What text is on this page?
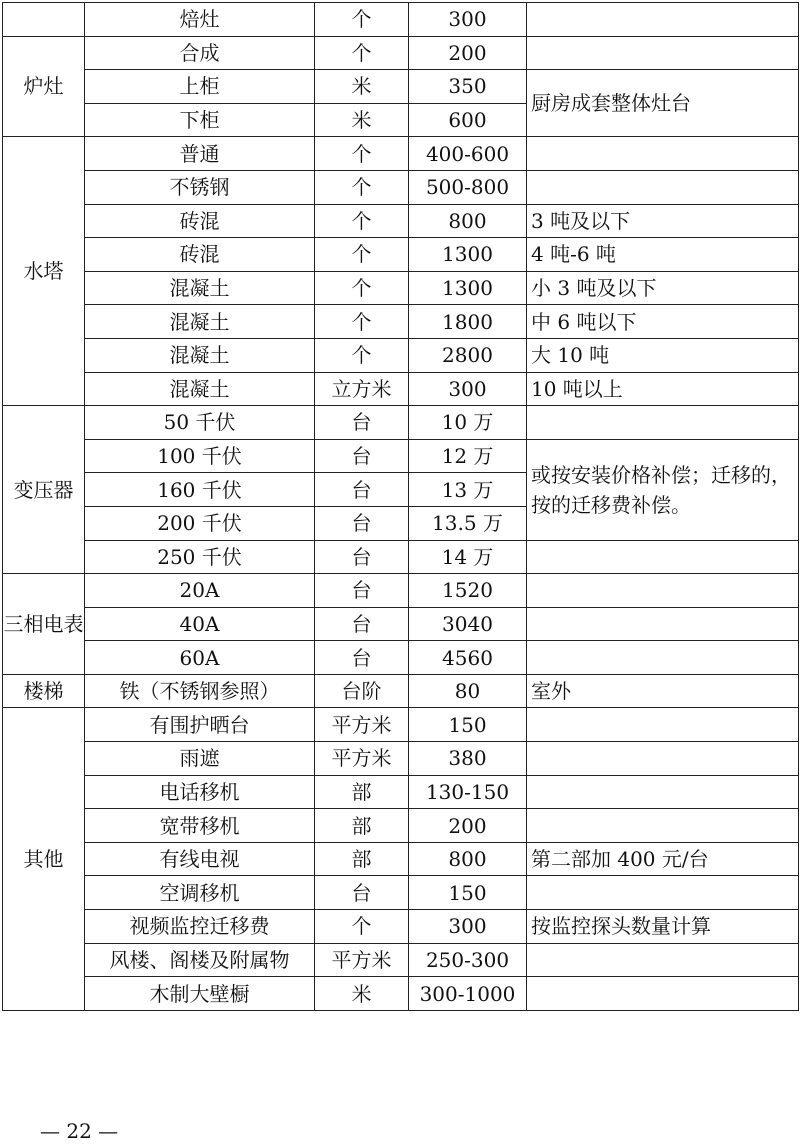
	焙灶	个	300	
炉灶	合成	个	200	
	上柜	米	350	厨房成套整体灶台
	下柜	米	600	
水塔	普通	个	400-600	
	不锈钢	个	500-800	
	砖混	个	800	3 吨及以下
	砖混	个	1300	4 吨-6 吨
	混凝土	个	1300	小 3 吨及以下
	混凝土	个	1800	中 6 吨以下
	混凝土	个	2800	大 10 吨
	混凝土	立方米	300	10 吨以上
变压器	50 千伏	台	10 万	
	100 千伏	台	12 万	或按安装价格补偿；迁移的，按的迁移费补偿。
	160 千伏	台	13 万	
	200 千伏	台	13.5 万	
	250 千伏	台	14 万	
三相电表	20A	台	1520	
	40A	台	3040	
	60A	台	4560	
楼梯	铁（不锈钢参照）	台阶	80	室外
其他	有围护晒台	平方米	150	
	雨遮	平方米	380	
	电话移机	部	130-150	
	宽带移机	部	200	
	有线电视	部	800	第二部加 400 元/台
	空调移机	台	150	
	视频监控迁移费	个	300	按监控探头数量计算
	风楼、阁楼及附属物	平方米	250-300	
	木制大壁橱	米	300-1000	
— 22 —
